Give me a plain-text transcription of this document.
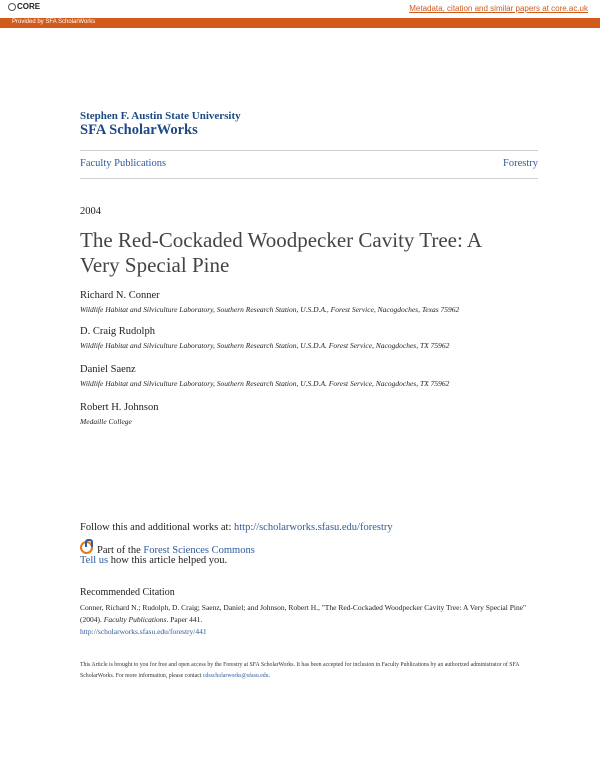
CORE	Metadata, citation and similar papers at core.ac.uk
Provided by SFA ScholarWorks
Stephen F. Austin State University
SFA ScholarWorks
Faculty Publications	Forestry
2004
The Red-Cockaded Woodpecker Cavity Tree: A Very Special Pine
Richard N. Conner
Wildlife Habitat and Silviculture Laboratory, Southern Research Station, U.S.D.A., Forest Service, Nacogdoches, Texas 75962
D. Craig Rudolph
Wildlife Habitat and Silviculture Laboratory, Southern Research Station, U.S.D.A. Forest Service, Nacogdoches, TX 75962
Daniel Saenz
Wildlife Habitat and Silviculture Laboratory, Southern Research Station, U.S.D.A. Forest Service, Nacogdoches, TX 75962
Robert H. Johnson
Medaille College
Follow this and additional works at: http://scholarworks.sfasu.edu/forestry
Part of the Forest Sciences Commons
Tell us how this article helped you.
Recommended Citation
Conner, Richard N.; Rudolph, D. Craig; Saenz, Daniel; and Johnson, Robert H., "The Red-Cockaded Woodpecker Cavity Tree: A Very Special Pine" (2004). Faculty Publications. Paper 441.
http://scholarworks.sfasu.edu/forestry/441
This Article is brought to you for free and open access by the Forestry at SFA ScholarWorks. It has been accepted for inclusion in Faculty Publications by an authorized administrator of SFA ScholarWorks. For more information, please contact cdsscholarworks@sfasu.edu.
